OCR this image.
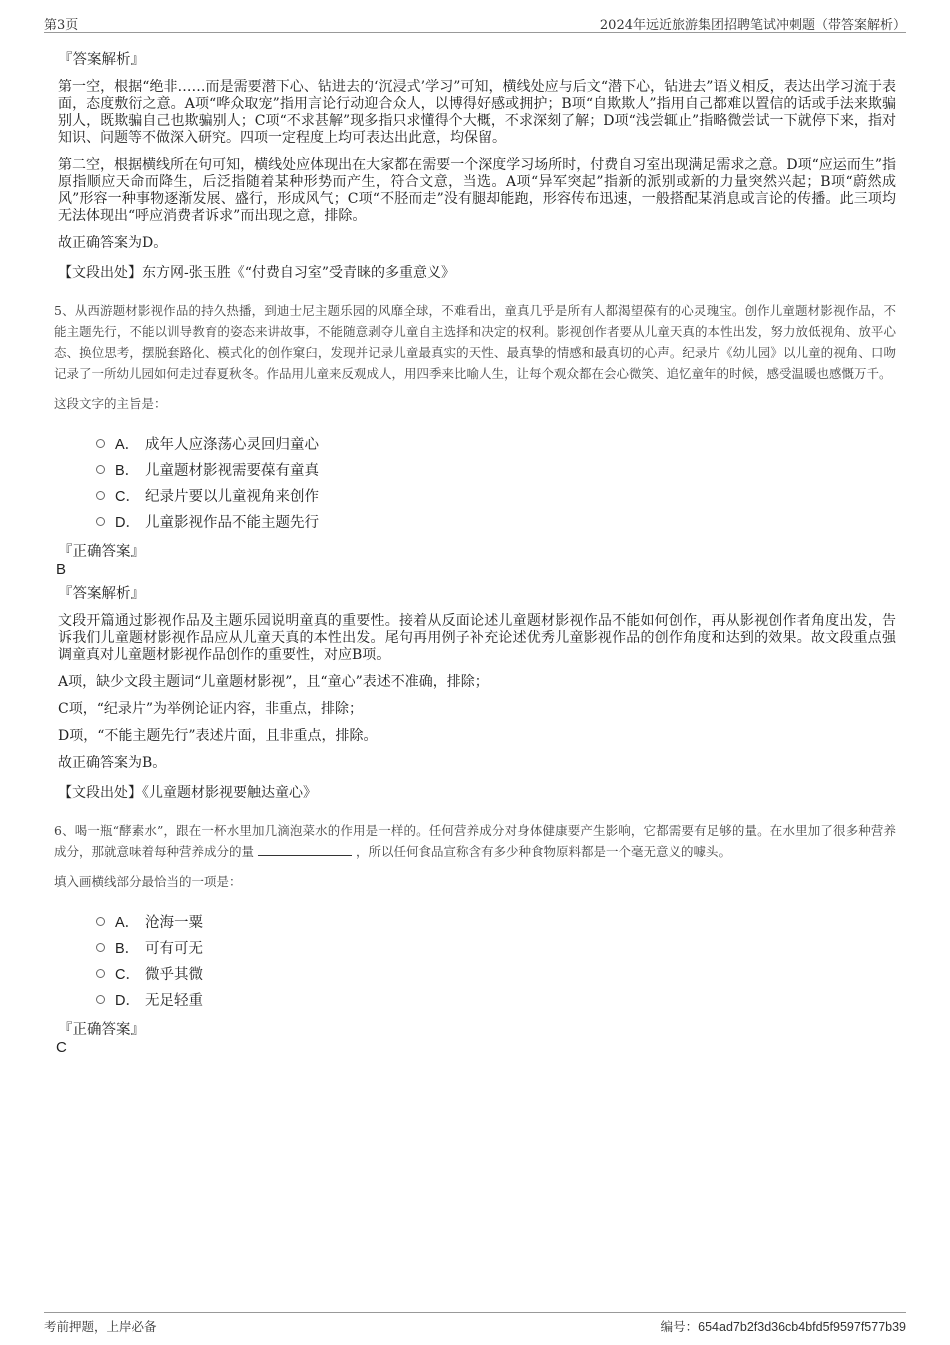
第3页	2024年远近旅游集团招聘笔试冲刺题（带答案解析）
『答案解析』

第一空，根据“绝非……而是需要潜下心、钻进去的‘沉浸式’学习”可知，横线处应与后文“潜下心，钻进去”语义相反，表达出学习流于表面，态度敷衍之意。A项“哗众取宠”指用言论行动迎合众人，以博得好感或拥护；B项“自欺欺人”指用自己都难以置信的话或手法来欺骗别人，既欺骗自己也欺骗别人；C项“不求甚解”现多指只求懂得个大概，不求深刻了解；D项“浅尝辄止”指略微尝试一下就停下来，指对知识、问题等不做深入研究。四项一定程度上均可表达出此意，均保留。

第二空，根据横线所在句可知，横线处应体现出在大家都在需要一个深度学习场所时，付费自习室出现满足需求之意。D项“应运而生”指原指顺应天命而降生，后泛指随着某种形势而产生，符合文意，当选。A项“异军突起”指新的派别或新的力量突然兴起；B项“蔚然成风”形容一种事物逐渐发展、盛行，形成风气；C项“不胫而走”没有腿却能跑，形容传布迅速，一般搭配某消息或言论的传播。此三项均无法体现出“呼应消费者诉求”而出现之意，排除。

故正确答案为D。

【文段出处】东方网-张玉胜《“付费自习室”受青睐的多重意义》
5、从西游题材影视作品的持久热播，到迪士尼主题乐园的风靡全球，不难看出，童真几乎是所有人都渴望葆有的心灵瑰宝。创作儿童题材影视作品，不能主题先行，不能以训导教育的姿态来讲故事，不能随意剥夺儿童自主选择和决定的权利。影视创作者要从儿童天真的本性出发，努力放低视角、放平心态、换位思考，摆脱套路化、模式化的创作窠臼，发现并记录儿童最真实的天性、最真挚的情感和最真切的心声。纪录片《幼儿园》以儿童的视角、口吻记录了一所幼儿园如何走过春夏秋冬。作品用儿童来反观成人，用四季来比喻人生，让每个观众都在会心微笑、追忆童年的时候，感受温暖也感慨万千。
这段文字的主旨是：
A． 成年人应涤荡心灵回归童心
B． 儿童题材影视需要葆有童真
C． 纪录片要以儿童视角来创作
D． 儿童影视作品不能主题先行
『正确答案』
B
『答案解析』

文段开篇通过影视作品及主题乐园说明童真的重要性。接着从反面论述儿童题材影视作品不能如何创作，再从影视创作者角度出发，告诉我们儿童题材影视作品应从儿童天真的本性出发。尾句再用例子补充论述优秀儿童影视作品的创作角度和达到的效果。故文段重点强调童真对儿童题材影视作品创作的重要性，对应B项。

A项，缺少文段主题词“儿童题材影视”，且“童心”表述不准确，排除；

C项，“纪录片”为举例论证内容，非重点，排除；

D项，“不能主题先行”表述片面，且非重点，排除。

故正确答案为B。

【文段出处】《儿童题材影视要触达童心》
6、喝一瓶“酵素水”，跟在一杯水里加几滴泡菜水的作用是一样的。任何营养成分对身体健康要产生影响，它都需要有足够的量。在水里加了很多种营养成分，那就意味着每种营养成分的量	，所以任何食品宣称含有多少种食物原料都是一个毫无意义的噱头。
填入画横线部分最恰当的一项是：
A． 沧海一粟
B． 可有可无
C． 微乎其微
D． 无足轻重
『正确答案』
C
考前押题，上岸必备	编号：654ad7b2f3d36cb4bfd5f9597f577b39
